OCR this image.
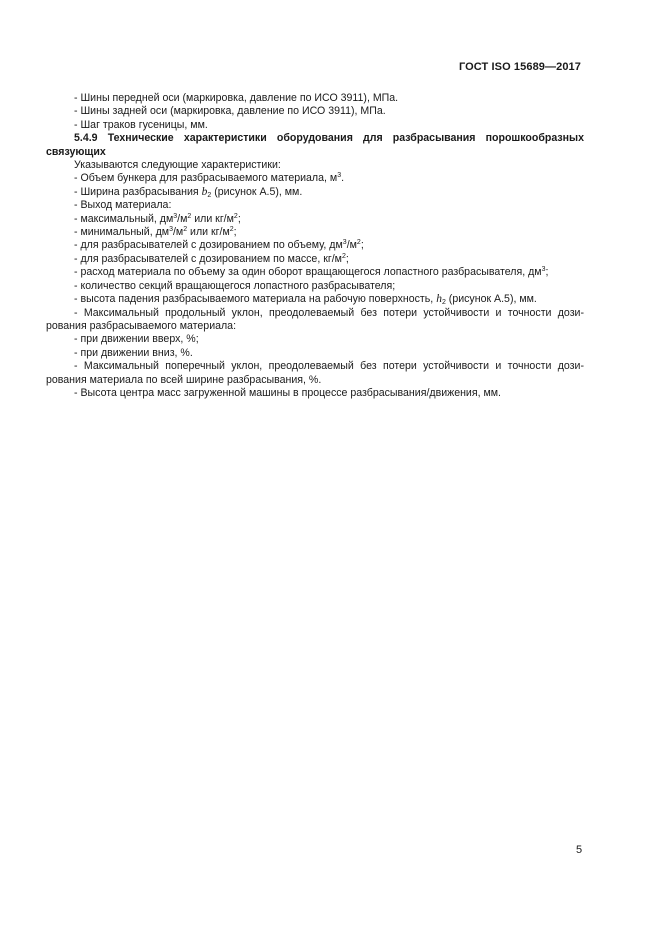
ГОСТ ISO 15689—2017
- Шины передней оси (маркировка, давление по ИСО 3911), МПа.
- Шины задней оси (маркировка, давление по ИСО 3911), МПа.
- Шаг траков гусеницы, мм.
5.4.9 Технические характеристики оборудования для разбрасывания порошкообразных
связующих
Указываются следующие характеристики:
- Объем бункера для разбрасываемого материала, $м^3$.
- Ширина разбрасывания $b_2$ (рисунок А.5), мм.
- Выход материала:
- максимальный, $дм^3/м^2$ или $кг/м^2$;
- минимальный, $дм^3/м^2$ или $кг/м^2$;
- для разбрасывателей с дозированием по объему, $дм^3/м^2$;
- для разбрасывателей с дозированием по массе, $кг/м^2$;
- расход материала по объему за один оборот вращающегося лопастного разбрасывателя, $дм^3$;
- количество секций вращающегося лопастного разбрасывателя;
- высота падения разбрасываемого материала на рабочую поверхность, $h_2$ (рисунок А.5), мм.
- Максимальный продольный уклон, преодолеваемый без потери устойчивости и точности дози-
рования разбрасываемого материала:
- при движении вверх, %;
- при движении вниз, %.
- Максимальный поперечный уклон, преодолеваемый без потери устойчивости и точности дози-
рования материала по всей ширине разбрасывания, %.
- Высота центра масс загруженной машины в процессе разбрасывания/движения, мм.
5
